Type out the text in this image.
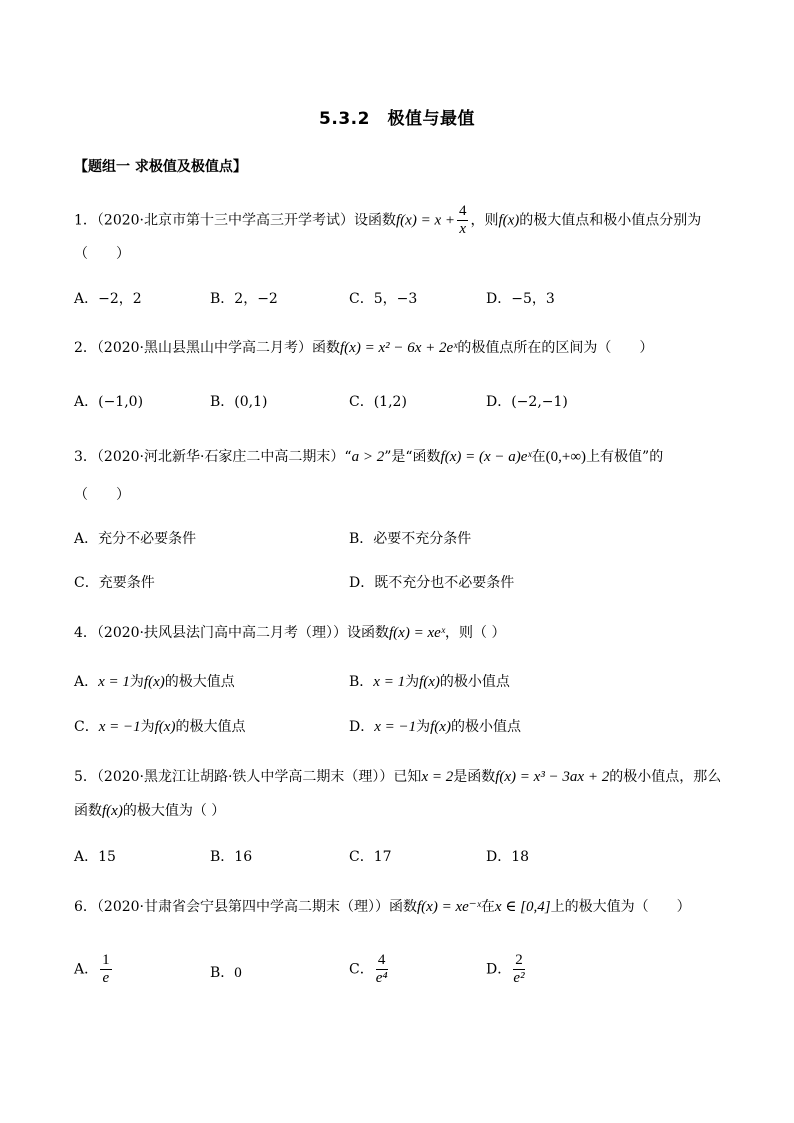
5.3.2　极值与最值
【题组一 求极值及极值点】
1．（2020·北京市第十三中学高三开学考试）设函数$f(x) = x + \frac{4}{x}$ ，则f(x)的极大值点和极小值点分别为
（　　）
A．−2，2	B．2，−2	C．5，−3	D．−5，3
2．（2020·黑山县黑山中学高二月考）函数f(x) = x² − 6x + 2eˣ的极值点所在的区间为（　　）
A．(−1,0)	B．(0,1)	C．(1,2)	D．(−2,−1)
3．（2020·河北新华·石家庄二中高二期末）“a > 2”是“函数f(x) = (x − a)eˣ在(0,+∞)上有极值”的
（　　）
A．充分不必要条件	B．必要不充分条件
C．充要条件	D．既不充分也不必要条件
4．（2020·扶风县法门高中高二月考（理））设函数f(x) = xeˣ，则（ ）
A．x = 1为f(x)的极大值点	B．x = 1为f(x)的极小值点
C．x = −1为f(x)的极大值点	D．x = −1为f(x)的极小值点
5．（2020·黑龙江让胡路·铁人中学高二期末（理））已知x = 2是函数f(x) = x³ − 3ax + 2的极小值点，那么
函数f(x)的极大值为（ ）
A．15	B．16	C．17	D．18
6．（2020·甘肃省会宁县第四中学高二期末（理））函数f(x) = xe⁻ˣ在x ∈ [0,4]上的极大值为（　　）
A． $\frac{1}{e}$	B．0	C． $\frac{4}{\text{e⁴}}$	D． $\frac{2}{\text{e²}}$
